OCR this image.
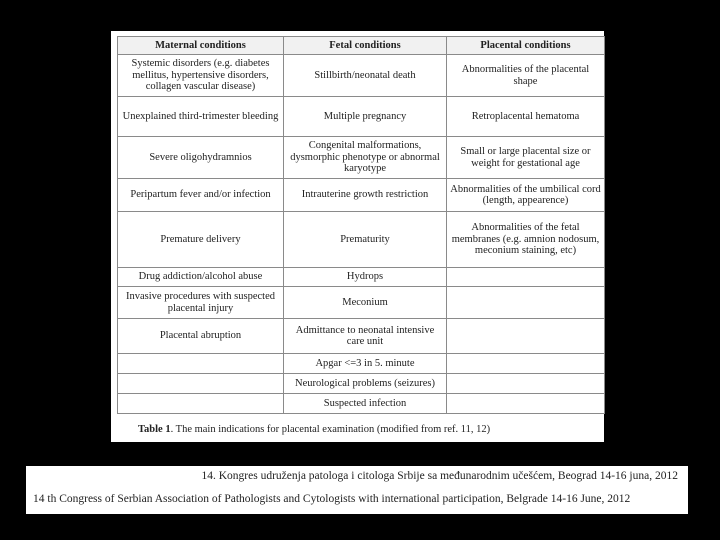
Maternal conditions	Fetal conditions	Placental conditions
Systemic disorders (e.g. diabetes mellitus, hypertensive disorders, collagen vascular disease)	Stillbirth/neonatal death	Abnormalities of the placental shape
Unexplained third-trimester bleeding	Multiple pregnancy	Retroplacental hematoma
Severe oligohydramnios	Congenital malformations, dysmorphic phenotype or abnormal karyotype	Small or large placental size or weight for gestational age
Peripartum fever and/or infection	Intrauterine growth restriction	Abnormalities of the umbilical cord (length, appearence)
Premature delivery	Prematurity	Abnormalities of the fetal membranes (e.g. amnion nodosum, meconium staining, etc)
Drug addiction/alcohol abuse	Hydrops	
Invasive procedures with suspected placental injury	Meconium	
Placental abruption	Admittance to neonatal intensive care unit	
	Apgar <=3 in 5. minute	
	Neurological problems (seizures)	
	Suspected infection	
Table 1. The main indications for placental examination (modified from ref. 11, 12)
14. Kongres udruženja patologa i citologa Srbije sa međunarodnim učešćem, Beograd 14-16 juna, 2012
14 th Congress of Serbian Association of Pathologists and Cytologists with international participation, Belgrade 14-16 June, 2012
